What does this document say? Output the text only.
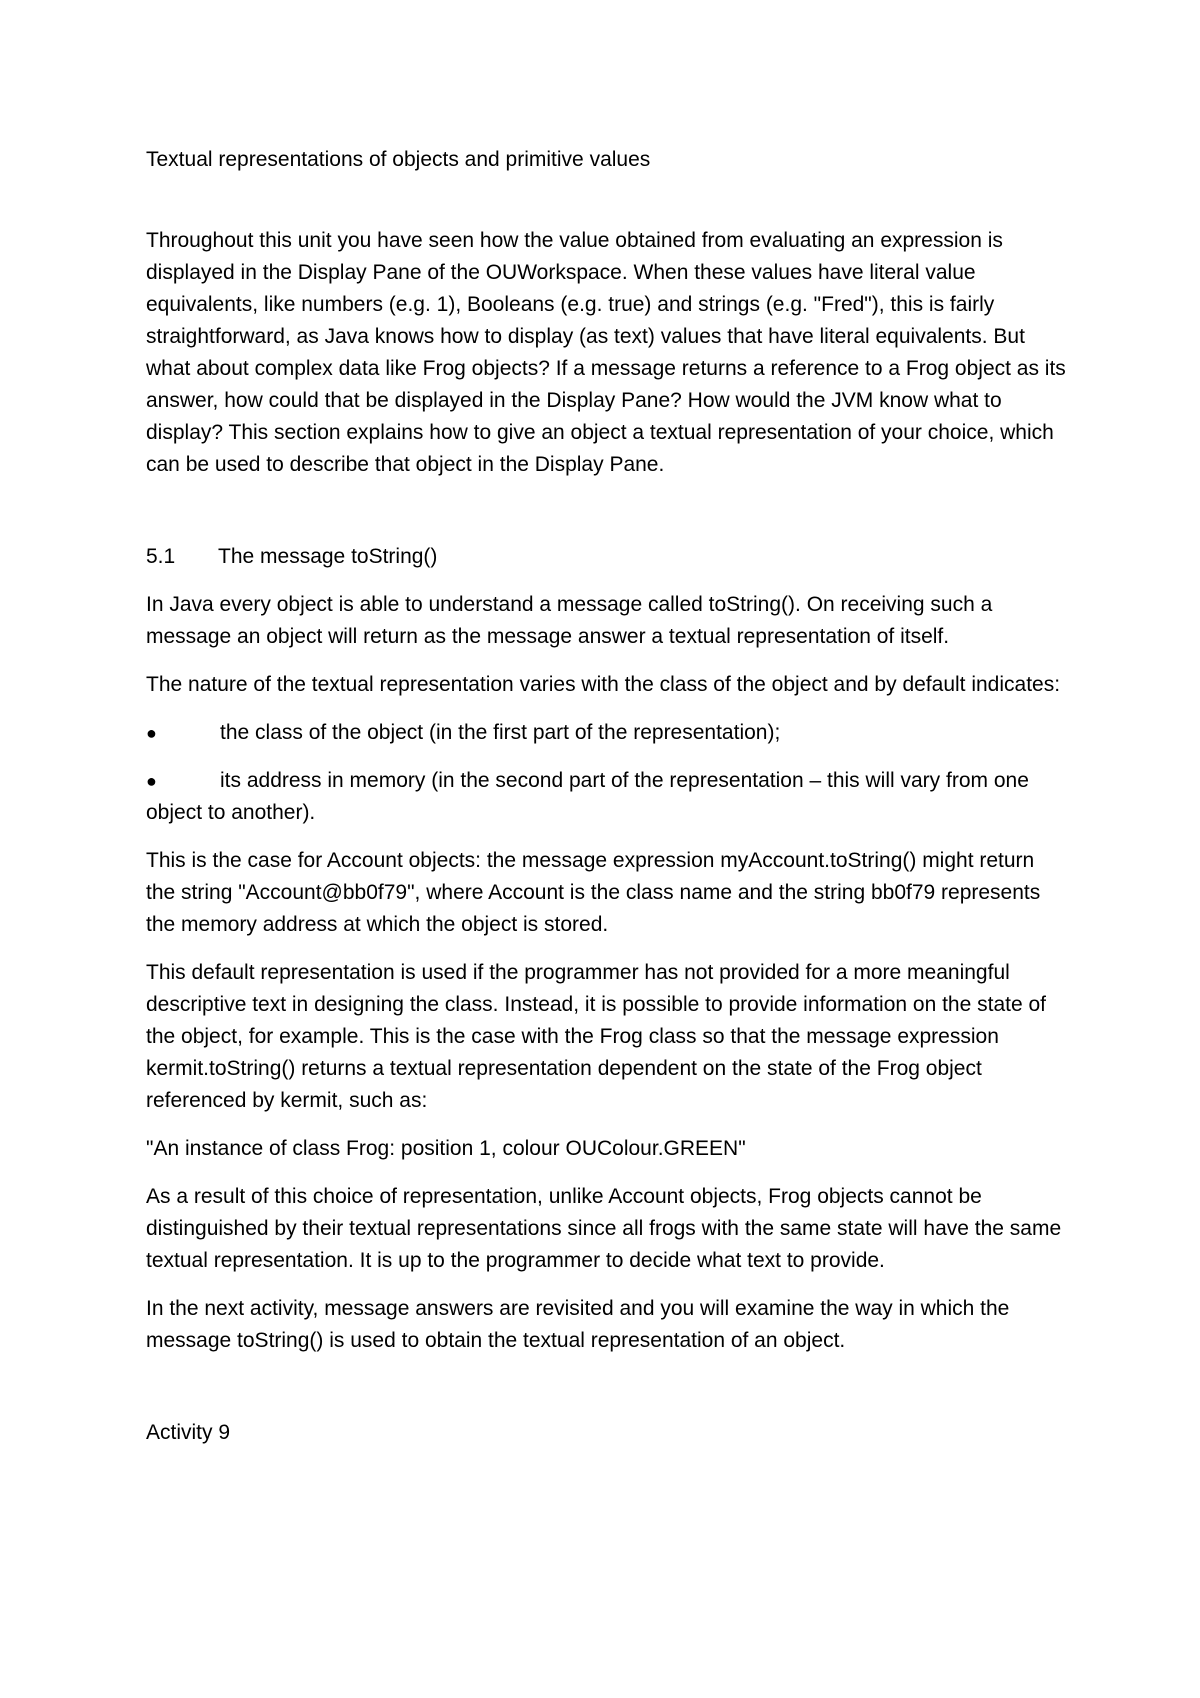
Textual representations of objects and primitive values

Throughout this unit you have seen how the value obtained from evaluating an expression is displayed in the Display Pane of the OUWorkspace. When these values have literal value equivalents, like numbers (e.g. 1), Booleans (e.g. true) and strings (e.g. "Fred"), this is fairly straightforward, as Java knows how to display (as text) values that have literal equivalents. But what about complex data like Frog objects? If a message returns a reference to a Frog object as its answer, how could that be displayed in the Display Pane? How would the JVM know what to display? This section explains how to give an object a textual representation of your choice, which can be used to describe that object in the Display Pane.

5.1	The message toString()

In Java every object is able to understand a message called toString(). On receiving such a message an object will return as the message answer a textual representation of itself.

The nature of the textual representation varies with the class of the object and by default indicates:

●	the class of the object (in the first part of the representation);
●	its address in memory (in the second part of the representation – this will vary from one object to another).

This is the case for Account objects: the message expression myAccount.toString() might return the string "Account@bb0f79", where Account is the class name and the string bb0f79 represents the memory address at which the object is stored.

This default representation is used if the programmer has not provided for a more meaningful descriptive text in designing the class. Instead, it is possible to provide information on the state of the object, for example. This is the case with the Frog class so that the message expression kermit.toString() returns a textual representation dependent on the state of the Frog object referenced by kermit, such as:

"An instance of class Frog: position 1, colour OUColour.GREEN"

As a result of this choice of representation, unlike Account objects, Frog objects cannot be distinguished by their textual representations since all frogs with the same state will have the same textual representation. It is up to the programmer to decide what text to provide.

In the next activity, message answers are revisited and you will examine the way in which the message toString() is used to obtain the textual representation of an object.

Activity 9
